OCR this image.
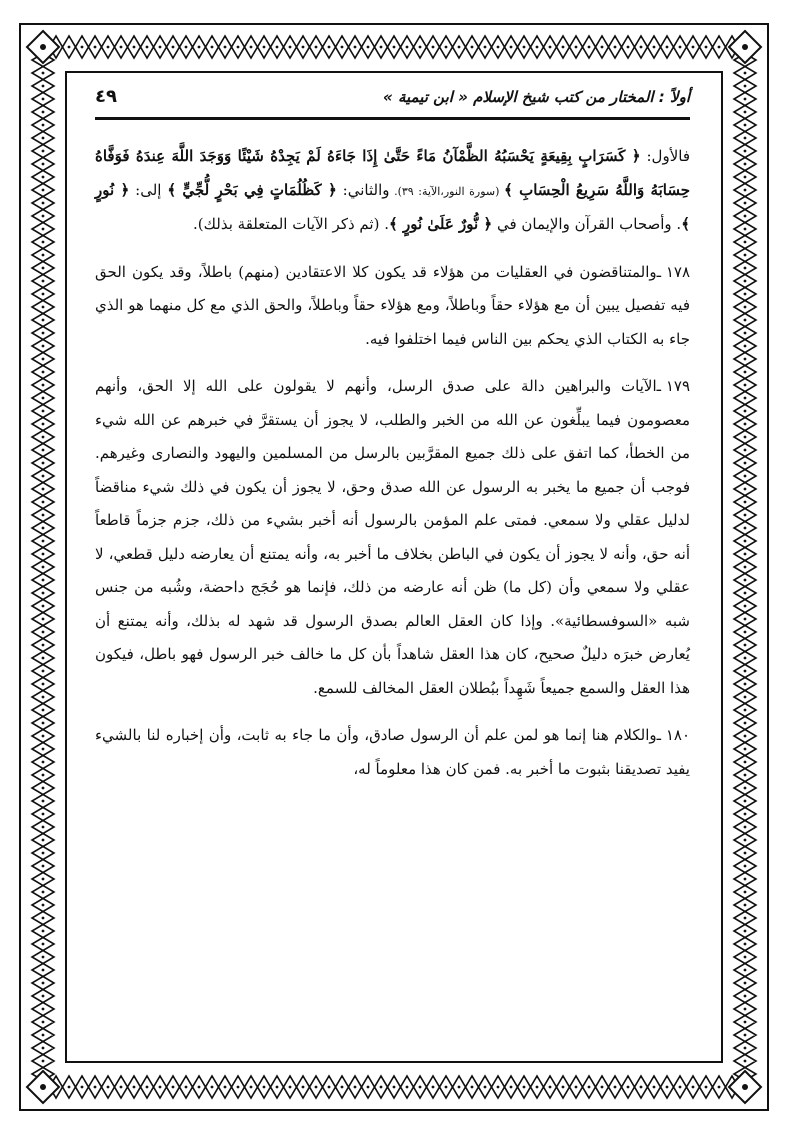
أولاً : المختار من كتب شيخ الإسلام « ابن تيمية »
٤٩

فالأول: ﴿ كَسَرَابٍ بِقِيعَةٍ يَحْسَبُهُ الظَّمْآنُ مَاءً حَتَّىٰ إِذَا جَاءَهُ لَمْ يَجِدْهُ شَيْئًا وَوَجَدَ اللَّهَ عِندَهُ فَوَفَّاهُ حِسَابَهُ وَاللَّهُ سَرِيعُ الْحِسَابِ ﴾ (سورة النور،الآية: ٣٩). والثاني: ﴿ كَظُلُمَاتٍ فِي بَحْرٍ لُّجِّيٍّ ﴾ إلى: ﴿ نُورٍ ﴾. وأصحاب القرآن والإيمان في ﴿ نُّورٌ عَلَىٰ نُورٍ ﴾. (ثم ذكر الآيات المتعلقة بذلك).

١٧٨ ـوالمتناقضون في العقليات من هؤلاء قد يكون كلا الاعتقادين (منهم) باطلاً، وقد يكون الحق فيه تفصيل يبين أن مع هؤلاء حقاً وباطلاً، ومع هؤلاء حقاً وباطلاً، والحق الذي مع كل منهما هو الذي جاء به الكتاب الذي يحكم بين الناس فيما اختلفوا فيه.

١٧٩ ـالآيات والبراهين دالة على صدق الرسل، وأنهم لا يقولون على الله إلا الحق، وأنهم معصومون فيما يبلِّغون عن الله من الخبر والطلب، لا يجوز أن يستقرَّ في خبرهم عن الله شيء من الخطأ، كما اتفق على ذلك جميع المقرَّبين بالرسل من المسلمين واليهود والنصارى وغيرهم. فوجب أن جميع ما يخبر به الرسول عن الله صدق وحق، لا يجوز أن يكون في ذلك شيء مناقضاً لدليل عقلي ولا سمعي. فمتى علم المؤمن بالرسول أنه أخبر بشيء من ذلك، جزم جزماً قاطعاً أنه حق، وأنه لا يجوز أن يكون في الباطن بخلاف ما أخبر به، وأنه يمتنع أن يعارضه دليل قطعي، لا عقلي ولا سمعي وأن (كل ما) ظن أنه عارضه من ذلك، فإنما هو حُجَج داحضة، وشُبه من جنس شبه «السوفسطائية». وإذا كان العقل العالم بصدق الرسول قد شهد له بذلك، وأنه يمتنع أن يُعارض خبرَه دليلٌ صحيح، كان هذا العقل شاهداً بأن كل ما خالف خبر الرسول فهو باطل، فيكون هذا العقل والسمع جميعاً شَهِداً ببُطلان العقل المخالف للسمع.

١٨٠ ـوالكلام هنا إنما هو لمن علم أن الرسول صادق، وأن ما جاء به ثابت، وأن إخباره لنا بالشيء يفيد تصديقنا بثبوت ما أخبر به. فمن كان هذا معلوماً له،
